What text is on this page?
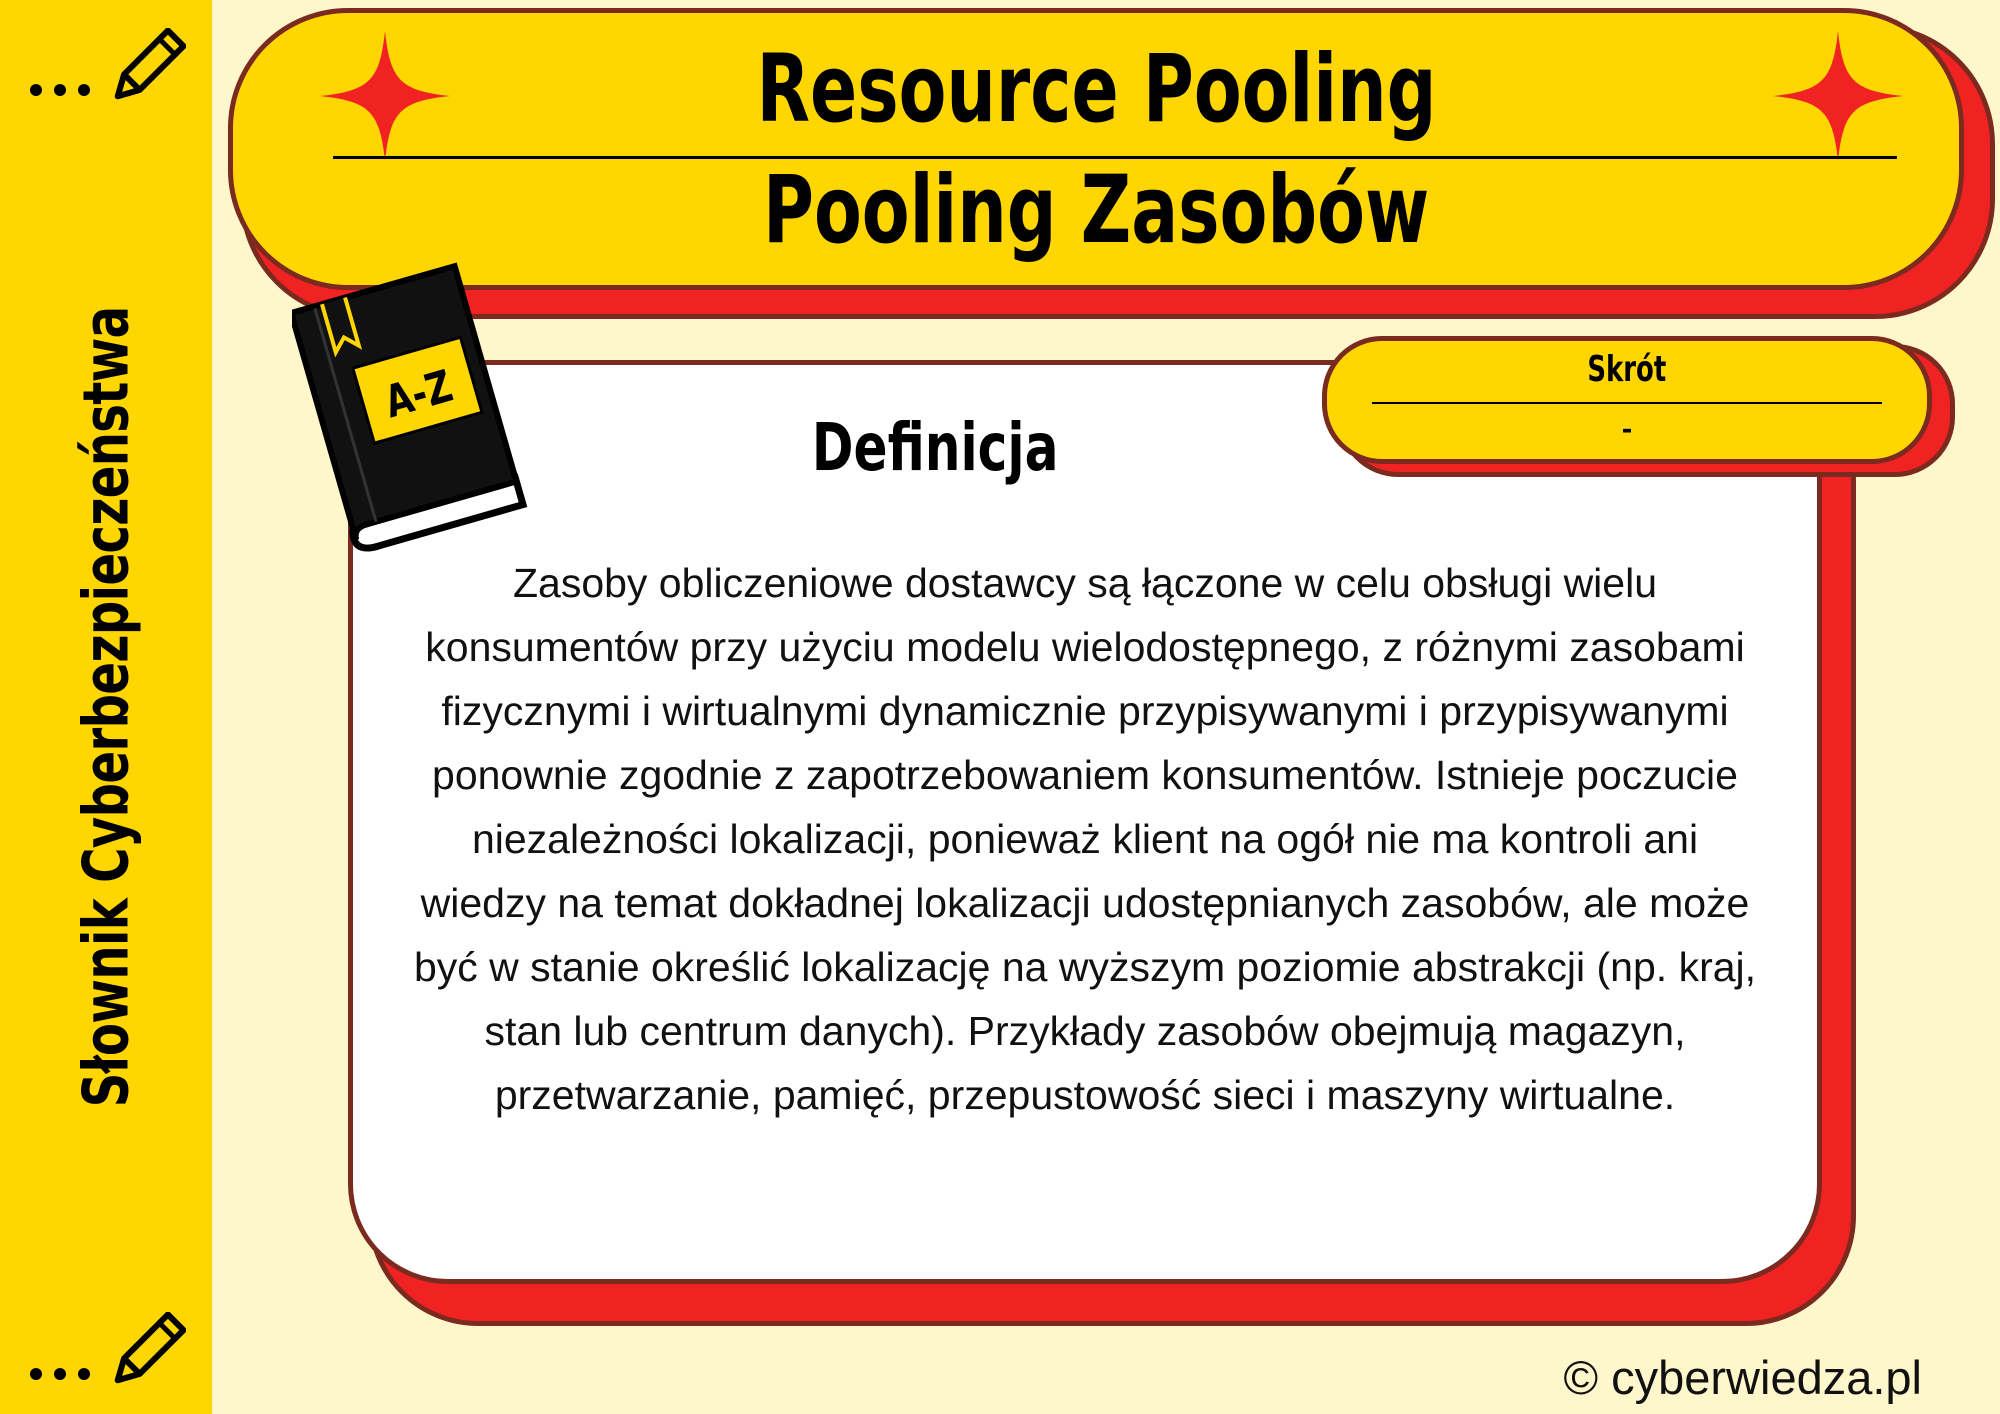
Słownik Cyberbezpieczeństwa
Resource Pooling
Pooling Zasobów
Definicja
Zasoby obliczeniowe dostawcy są łączone w celu obsługi wielu konsumentów przy użyciu modelu wielodostępnego, z różnymi zasobami fizycznymi i wirtualnymi dynamicznie przypisywanymi i przypisywanymi ponownie zgodnie z zapotrzebowaniem konsumentów. Istnieje poczucie niezależności lokalizacji, ponieważ klient na ogół nie ma kontroli ani wiedzy na temat dokładnej lokalizacji udostępnianych zasobów, ale może być w stanie określić lokalizację na wyższym poziomie abstrakcji (np. kraj, stan lub centrum danych). Przykłady zasobów obejmują magazyn, przetwarzanie, pamięć, przepustowość sieci i maszyny wirtualne.
Skrót
-
A-Z
© cyberwiedza.pl
